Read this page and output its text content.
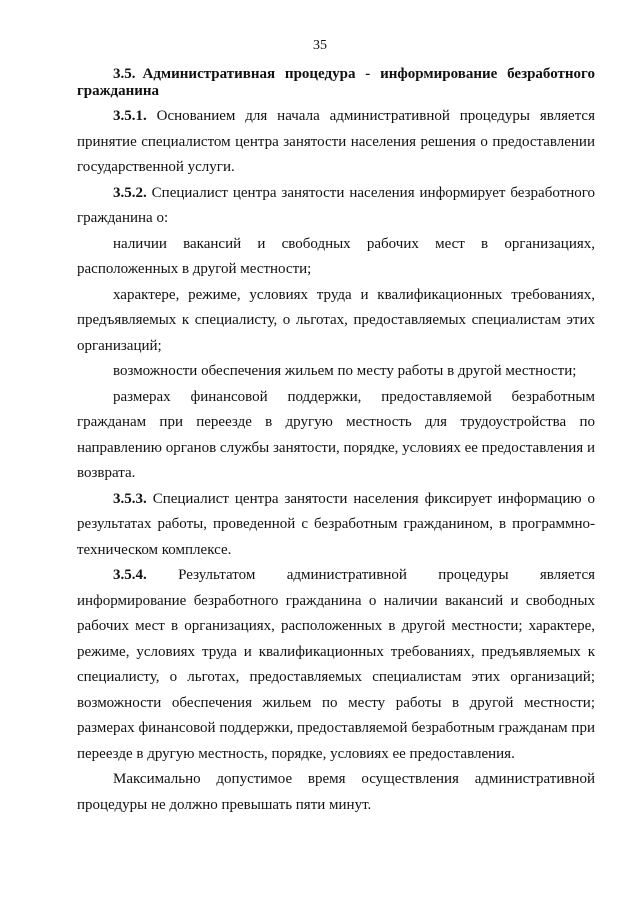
35
3.5. Административная процедура - информирование безработного гражданина

3.5.1. Основанием для начала административной процедуры является принятие специалистом центра занятости населения решения о предоставлении государственной услуги.

3.5.2. Специалист центра занятости населения информирует безработного гражданина о:

наличии вакансий и свободных рабочих мест в организациях, расположенных в другой местности;

характере, режиме, условиях труда и квалификационных требованиях, предъявляемых к специалисту, о льготах, предоставляемых специалистам этих организаций;

возможности обеспечения жильем по месту работы в другой местности;

размерах финансовой поддержки, предоставляемой безработным гражданам при переезде в другую местность для трудоустройства по направлению органов службы занятости, порядке, условиях ее предоставления и возврата.

3.5.3. Специалист центра занятости населения фиксирует информацию о результатах работы, проведенной с безработным гражданином, в программно-техническом комплексе.

3.5.4. Результатом административной процедуры является информирование безработного гражданина о наличии вакансий и свободных рабочих мест в организациях, расположенных в другой местности; характере, режиме, условиях труда и квалификационных требованиях, предъявляемых к специалисту, о льготах, предоставляемых специалистам этих организаций; возможности обеспечения жильем по месту работы в другой местности; размерах финансовой поддержки, предоставляемой безработным гражданам при переезде в другую местность, порядке, условиях ее предоставления.

Максимально допустимое время осуществления административной процедуры не должно превышать пяти минут.
